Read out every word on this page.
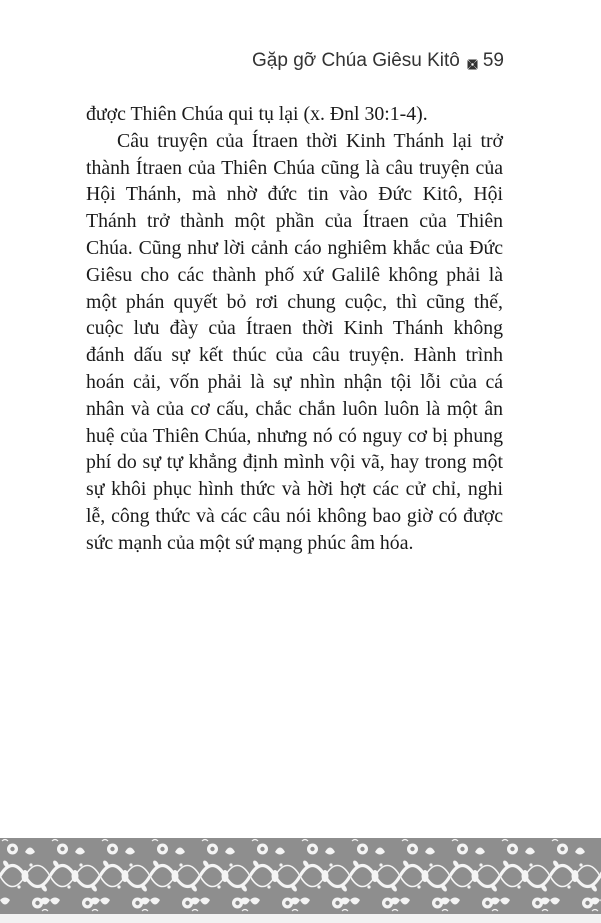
Gặp gỡ Chúa Giêsu Kitô 59

được Thiên Chúa qui tụ lại (x. Đnl 30:1-4).

Câu truyện của Ítraen thời Kinh Thánh lại trở thành Ítraen của Thiên Chúa cũng là câu truyện của Hội Thánh, mà nhờ đức tin vào Đức Kitô, Hội Thánh trở thành một phần của Ítraen của Thiên Chúa. Cũng như lời cảnh cáo nghiêm khắc của Đức Giêsu cho các thành phố xứ Galilê không phải là một phán quyết bỏ rơi chung cuộc, thì cũng thế, cuộc lưu đày của Ítraen thời Kinh Thánh không đánh dấu sự kết thúc của câu truyện. Hành trình hoán cải, vốn phải là sự nhìn nhận tội lỗi của cá nhân và của cơ cấu, chắc chắn luôn luôn là một ân huệ của Thiên Chúa, nhưng nó có nguy cơ bị phung phí do sự tự khẳng định mình vội vã, hay trong một sự khôi phục hình thức và hời hợt các cử chỉ, nghi lễ, công thức và các câu nói không bao giờ có được sức mạnh của một sứ mạng phúc âm hóa.
